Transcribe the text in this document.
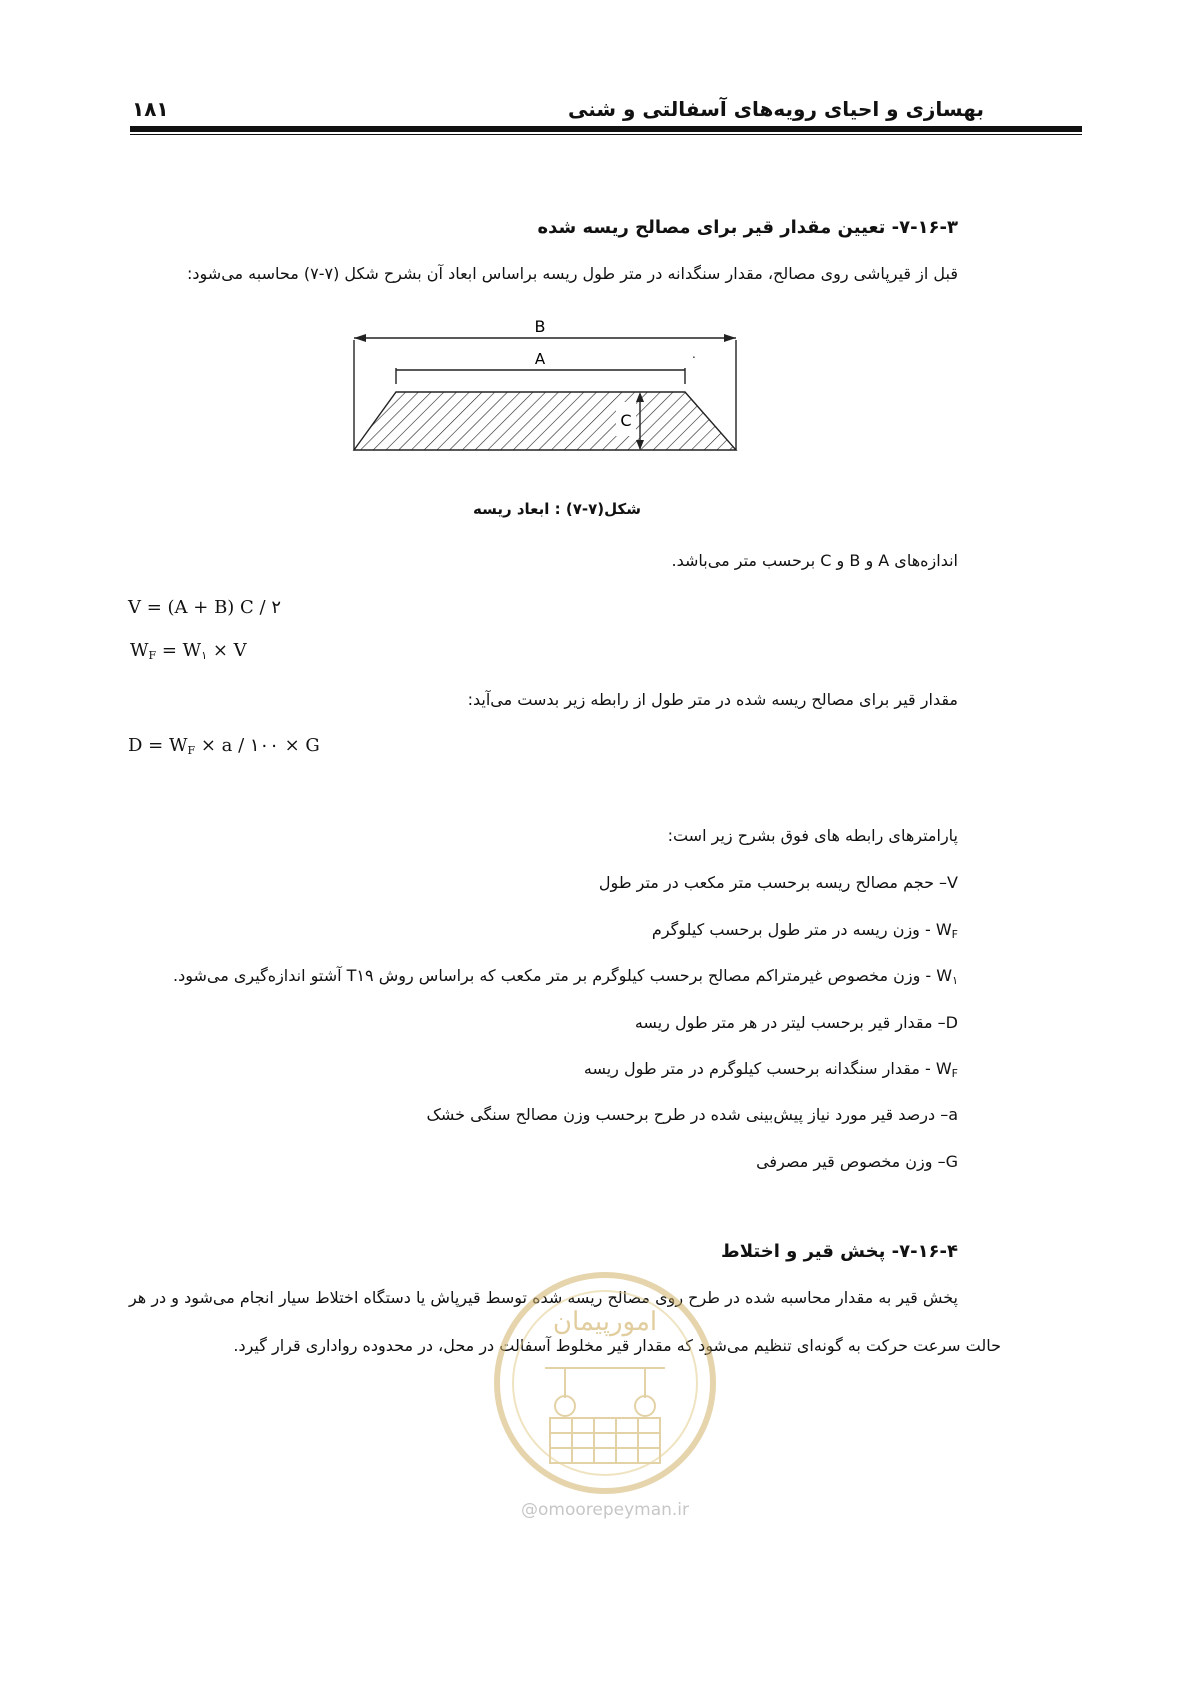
بهسازی و احیای رویه‌های آسفالتی و شنی
۱۸۱
۷-۱۶-۳- تعیین مقدار قیر برای مصالح ریسه شده
قبل از قیرپاشی روی مصالح، مقدار سنگدانه در متر طول ریسه براساس ابعاد آن بشرح شکل (۷-۷) محاسبه می‌شود:
B
A
C
.
شکل(۷-۷) : ابعاد ریسه
اندازه‌های A و B و C برحسب متر می‌باشد.
V = (A + B) C / ۲
$W_F = W_۱ \times V$
مقدار قیر برای مصالح ریسه شده در متر طول از رابطه زیر بدست می‌آید:
$D = W_F \times a$ / ۱۰۰ × G
پارامترهای رابطه های فوق بشرح زیر است:
V– حجم مصالح ریسه برحسب متر مکعب در متر طول
$W_F$ - وزن ریسه در متر طول برحسب کیلوگرم
$W_۱$ - وزن مخصوص غیرمتراکم مصالح برحسب کیلوگرم بر متر مکعب که براساس روش T۱۹ آشتو اندازه‌گیری می‌شود.
D– مقدار قیر برحسب لیتر در هر متر طول ریسه
$W_F$ - مقدار سنگدانه برحسب کیلوگرم در متر طول ریسه
a– درصد قیر مورد نیاز پیش‌بینی شده در طرح برحسب وزن مصالح سنگی خشک
G– وزن مخصوص قیر مصرفی
۷-۱۶-۴- پخش قیر و اختلاط
پخش قیر به مقدار محاسبه شده در طرح روی مصالح ریسه شده توسط قیرپاش یا دستگاه اختلاط سیار انجام می‌شود و در هر
حالت سرعت حرکت به گونه‌ای تنظیم می‌شود که مقدار قیر مخلوط آسفالت در محل، در محدوده رواداری قرار گیرد.
امورپیمان
@omoorepeyman.ir
